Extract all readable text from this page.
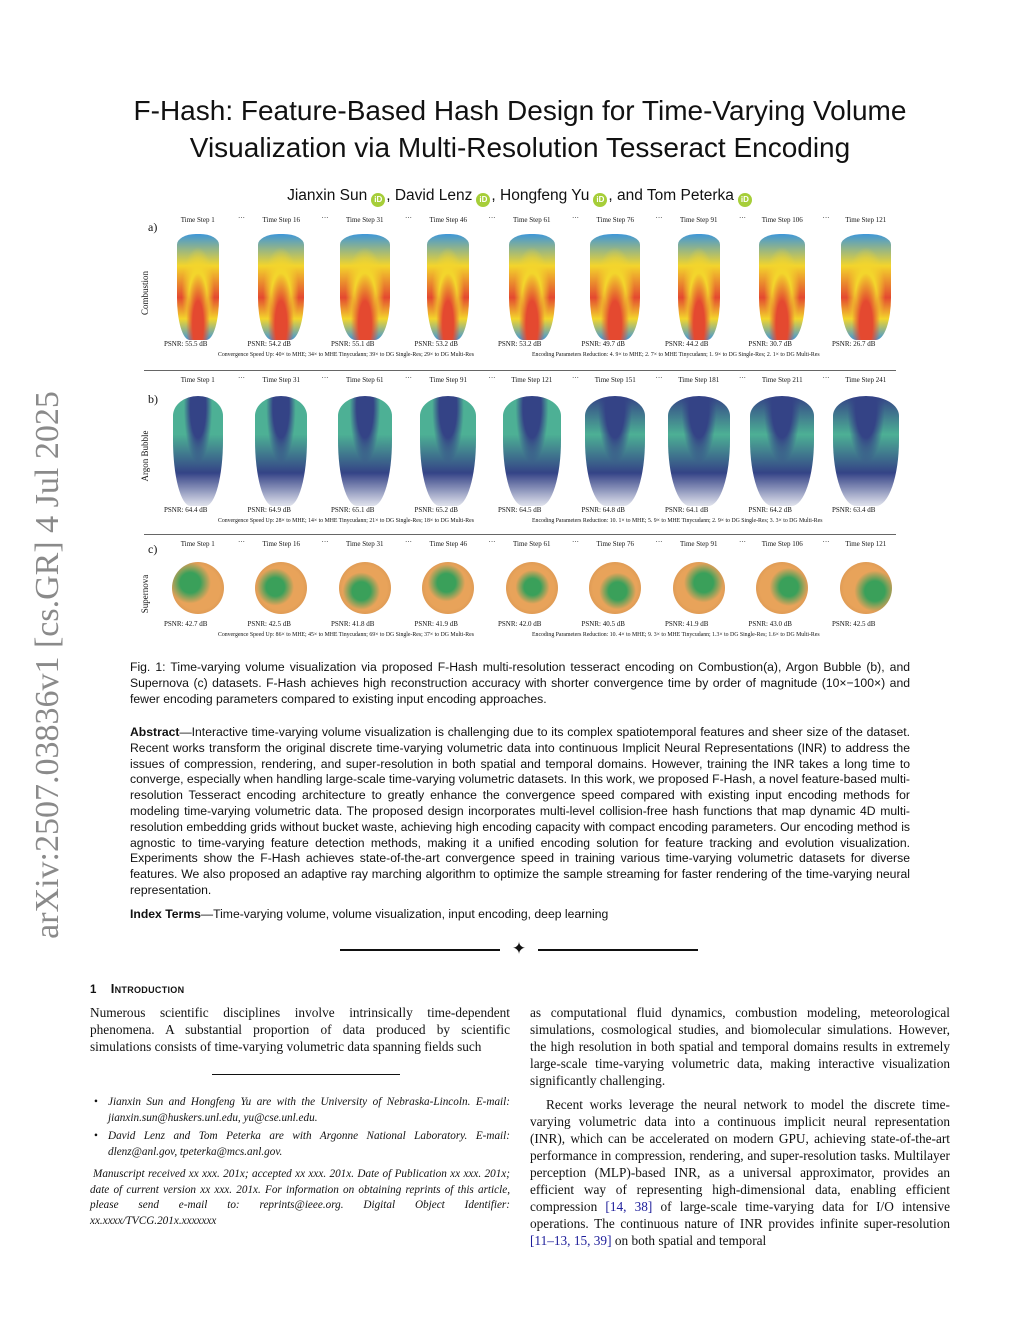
arXiv:2507.03836v1 [cs.GR] 4 Jul 2025
F-Hash: Feature-Based Hash Design for Time-Varying Volume
Visualization via Multi-Resolution Tesseract Encoding
Jianxin Sun iD , David Lenz iD , Hongfeng Yu iD , and Tom Peterka iD
a)
Combustion
Time Step 1	···
PSNR: 55.5 dB
Time Step 16	···
PSNR: 54.2 dB
Time Step 31	···
PSNR: 55.1 dB
Time Step 46	···
PSNR: 53.2 dB
Time Step 61	···
PSNR: 53.2 dB
Time Step 76	···
PSNR: 49.7 dB
Time Step 91	···
PSNR: 44.2 dB
Time Step 106	···
PSNR: 30.7 dB
Time Step 121
PSNR: 26.7 dB
Convergence Speed Up: 40× to MHE; 34× to MHE Tinycudann; 39× to DG Single-Res; 29× to DG Multi-Res	Encoding Parameters Reduction: 4. 9× to MHE; 2. 7× to MHE Tinycudann; 1. 9× to DG Single-Res; 2. 1× to DG Multi-Res
b)
Argon Bubble
Time Step 1	···
PSNR: 64.4 dB
Time Step 31	···
PSNR: 64.9 dB
Time Step 61	···
PSNR: 65.1 dB
Time Step 91	···
PSNR: 65.2 dB
Time Step 121	···
PSNR: 64.5 dB
Time Step 151	···
PSNR: 64.8 dB
Time Step 181	···
PSNR: 64.1 dB
Time Step 211	···
PSNR: 64.2 dB
Time Step 241
PSNR: 63.4 dB
Convergence Speed Up: 28× to MHE; 14× to MHE Tinycudann; 21× to DG Single-Res; 18× to DG Multi-Res	Encoding Parameters Reduction: 10. 1× to MHE; 5. 9× to MHE Tinycudann; 2. 9× to DG Single-Res; 3. 3× to DG Multi-Res
c)
Supernova
Time Step 1	···
PSNR: 42.7 dB
Time Step 16	···
PSNR: 42.5 dB
Time Step 31	···
PSNR: 41.8 dB
Time Step 46	···
PSNR: 41.9 dB
Time Step 61	···
PSNR: 42.0 dB
Time Step 76	···
PSNR: 40.5 dB
Time Step 91	···
PSNR: 41.9 dB
Time Step 106	···
PSNR: 43.0 dB
Time Step 121
PSNR: 42.5 dB
Convergence Speed Up: 86× to MHE; 45× to MHE Tinycudann; 69× to DG Single-Res; 37× to DG Multi-Res	Encoding Parameters Reduction: 10. 4× to MHE; 9. 3× to MHE Tinycudann; 1.3× to DG Single-Res; 1.6× to DG Multi-Res
Fig. 1: Time-varying volume visualization via proposed F-Hash multi-resolution tesseract encoding on Combustion(a), Argon Bubble (b), and Supernova (c) datasets. F-Hash achieves high reconstruction accuracy with shorter convergence time by order of magnitude (10×−100×) and fewer encoding parameters compared to existing input encoding approaches.
Abstract—Interactive time-varying volume visualization is challenging due to its complex spatiotemporal features and sheer size of the dataset. Recent works transform the original discrete time-varying volumetric data into continuous Implicit Neural Representations (INR) to address the issues of compression, rendering, and super-resolution in both spatial and temporal domains. However, training the INR takes a long time to converge, especially when handling large-scale time-varying volumetric datasets. In this work, we proposed F-Hash, a novel feature-based multi-resolution Tesseract encoding architecture to greatly enhance the convergence speed compared with existing input encoding methods for modeling time-varying volumetric data. The proposed design incorporates multi-level collision-free hash functions that map dynamic 4D multi-resolution embedding grids without bucket waste, achieving high encoding capacity with compact encoding parameters. Our encoding method is agnostic to time-varying feature detection methods, making it a unified encoding solution for feature tracking and evolution visualization. Experiments show the F-Hash achieves state-of-the-art convergence speed in training various time-varying volumetric datasets for diverse features. We also proposed an adaptive ray marching algorithm to optimize the sample streaming for faster rendering of the time-varying neural representation.
Index Terms—Time-varying volume, volume visualization, input encoding, deep learning
✦
1 Introduction
Numerous scientific disciplines involve intrinsically time-dependent phenomena. A substantial proportion of data produced by scientific simulations consists of time-varying volumetric data spanning fields such
• Jianxin Sun and Hongfeng Yu are with the University of Nebraska-Lincoln. E-mail: jianxin.sun@huskers.unl.edu, yu@cse.unl.edu.
• David Lenz and Tom Peterka are with Argonne National Laboratory. E-mail: dlenz@anl.gov, tpeterka@mcs.anl.gov.
Manuscript received xx xxx. 201x; accepted xx xxx. 201x. Date of Publication xx xxx. 201x; date of current version xx xxx. 201x. For information on obtaining reprints of this article, please send e-mail to: reprints@ieee.org. Digital Object Identifier: xx.xxxx/TVCG.201x.xxxxxxx
as computational fluid dynamics, combustion modeling, meteorological simulations, cosmological studies, and biomolecular simulations. However, the high resolution in both spatial and temporal domains results in extremely large-scale time-varying volumetric data, making interactive visualization significantly challenging.
Recent works leverage the neural network to model the discrete time-varying volumetric data into a continuous implicit neural representation (INR), which can be accelerated on modern GPU, achieving state-of-the-art performance in compression, rendering, and super-resolution tasks. Multilayer perception (MLP)-based INR, as a universal approximator, provides an efficient way of representing high-dimensional data, enabling efficient compression [14, 38] of large-scale time-varying data for I/O intensive operations. The continuous nature of INR provides infinite super-resolution [11–13, 15, 39] on both spatial and temporal
